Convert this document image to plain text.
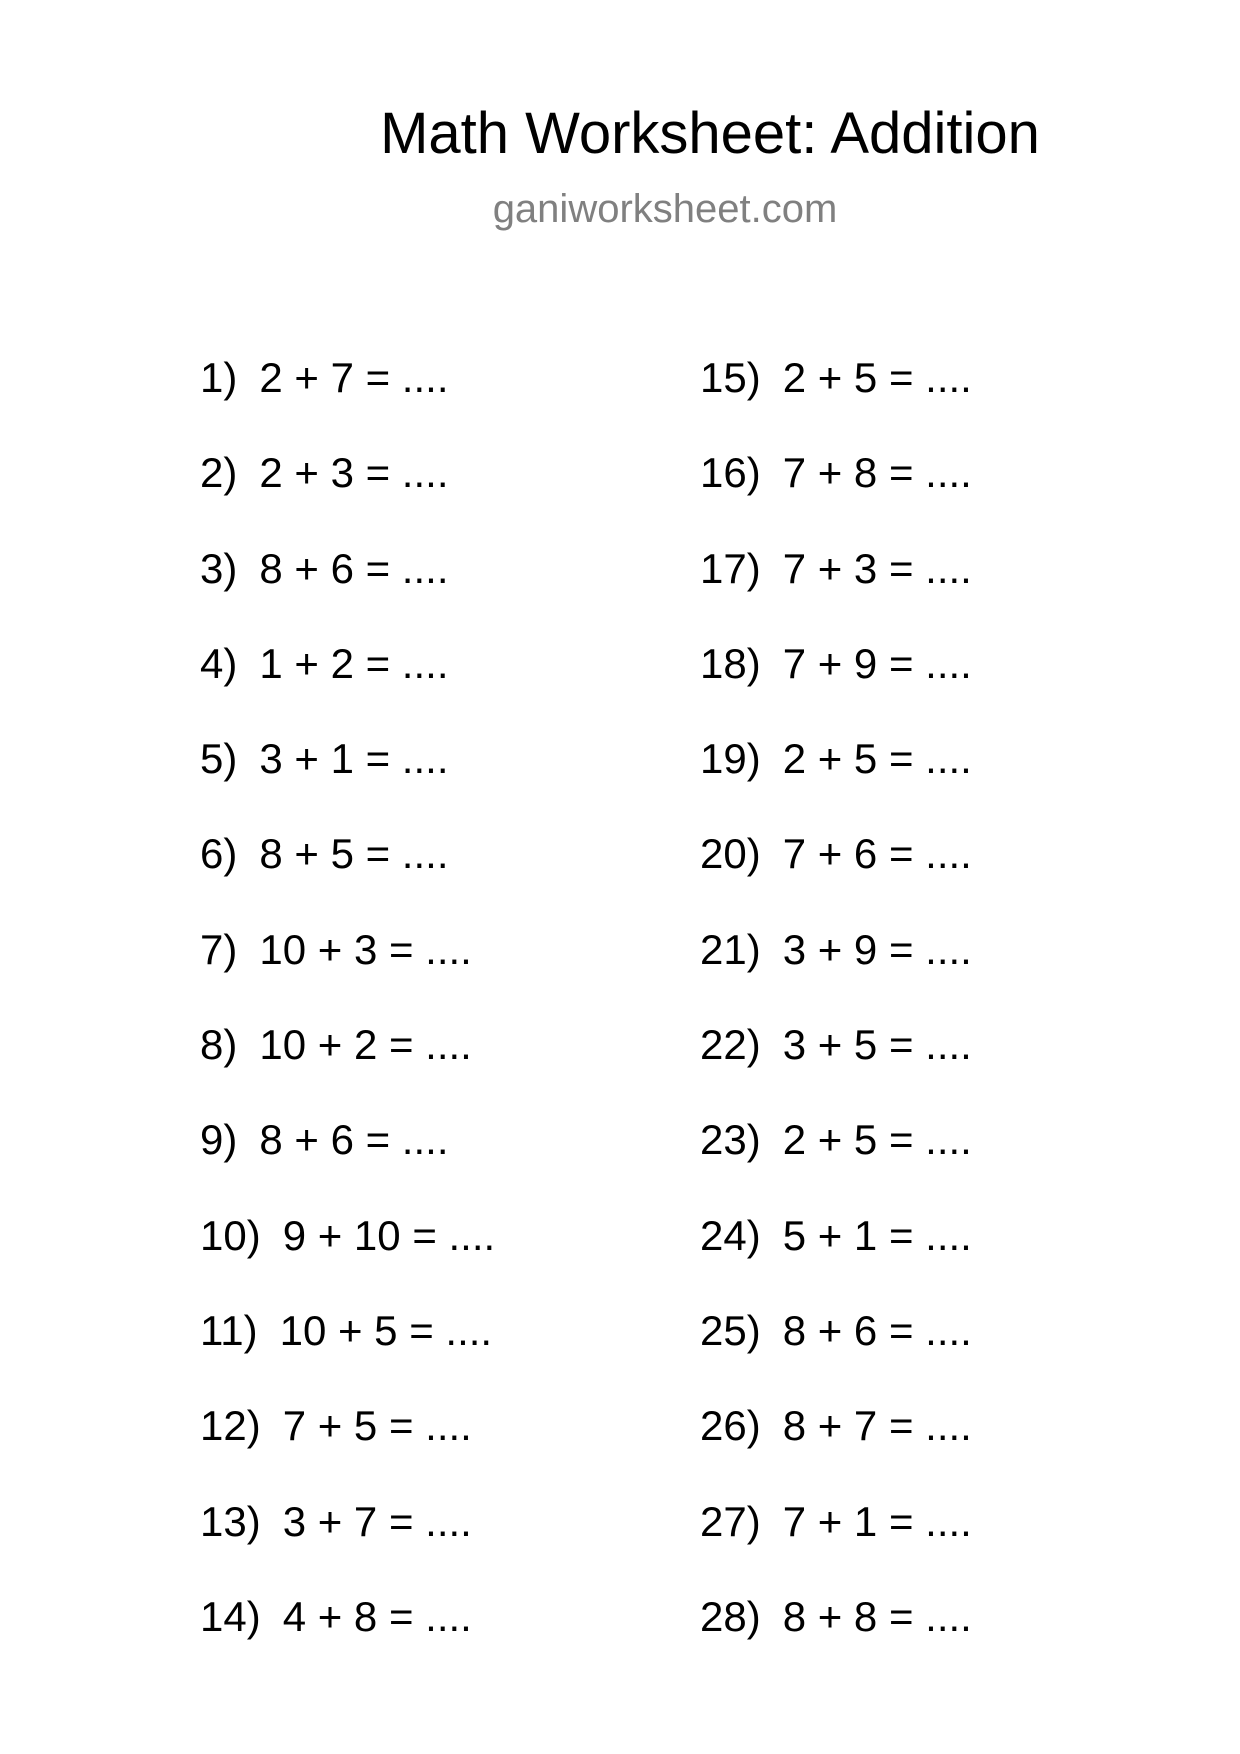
Math Worksheet: Addition
ganiworksheet.com
1) 2 + 7 = ....
2) 2 + 3 = ....
3) 8 + 6 = ....
4) 1 + 2 = ....
5) 3 + 1 = ....
6) 8 + 5 = ....
7) 10 + 3 = ....
8) 10 + 2 = ....
9) 8 + 6 = ....
10) 9 + 10 = ....
11) 10 + 5 = ....
12) 7 + 5 = ....
13) 3 + 7 = ....
14) 4 + 8 = ....
15) 2 + 5 = ....
16) 7 + 8 = ....
17) 7 + 3 = ....
18) 7 + 9 = ....
19) 2 + 5 = ....
20) 7 + 6 = ....
21) 3 + 9 = ....
22) 3 + 5 = ....
23) 2 + 5 = ....
24) 5 + 1 = ....
25) 8 + 6 = ....
26) 8 + 7 = ....
27) 7 + 1 = ....
28) 8 + 8 = ....
